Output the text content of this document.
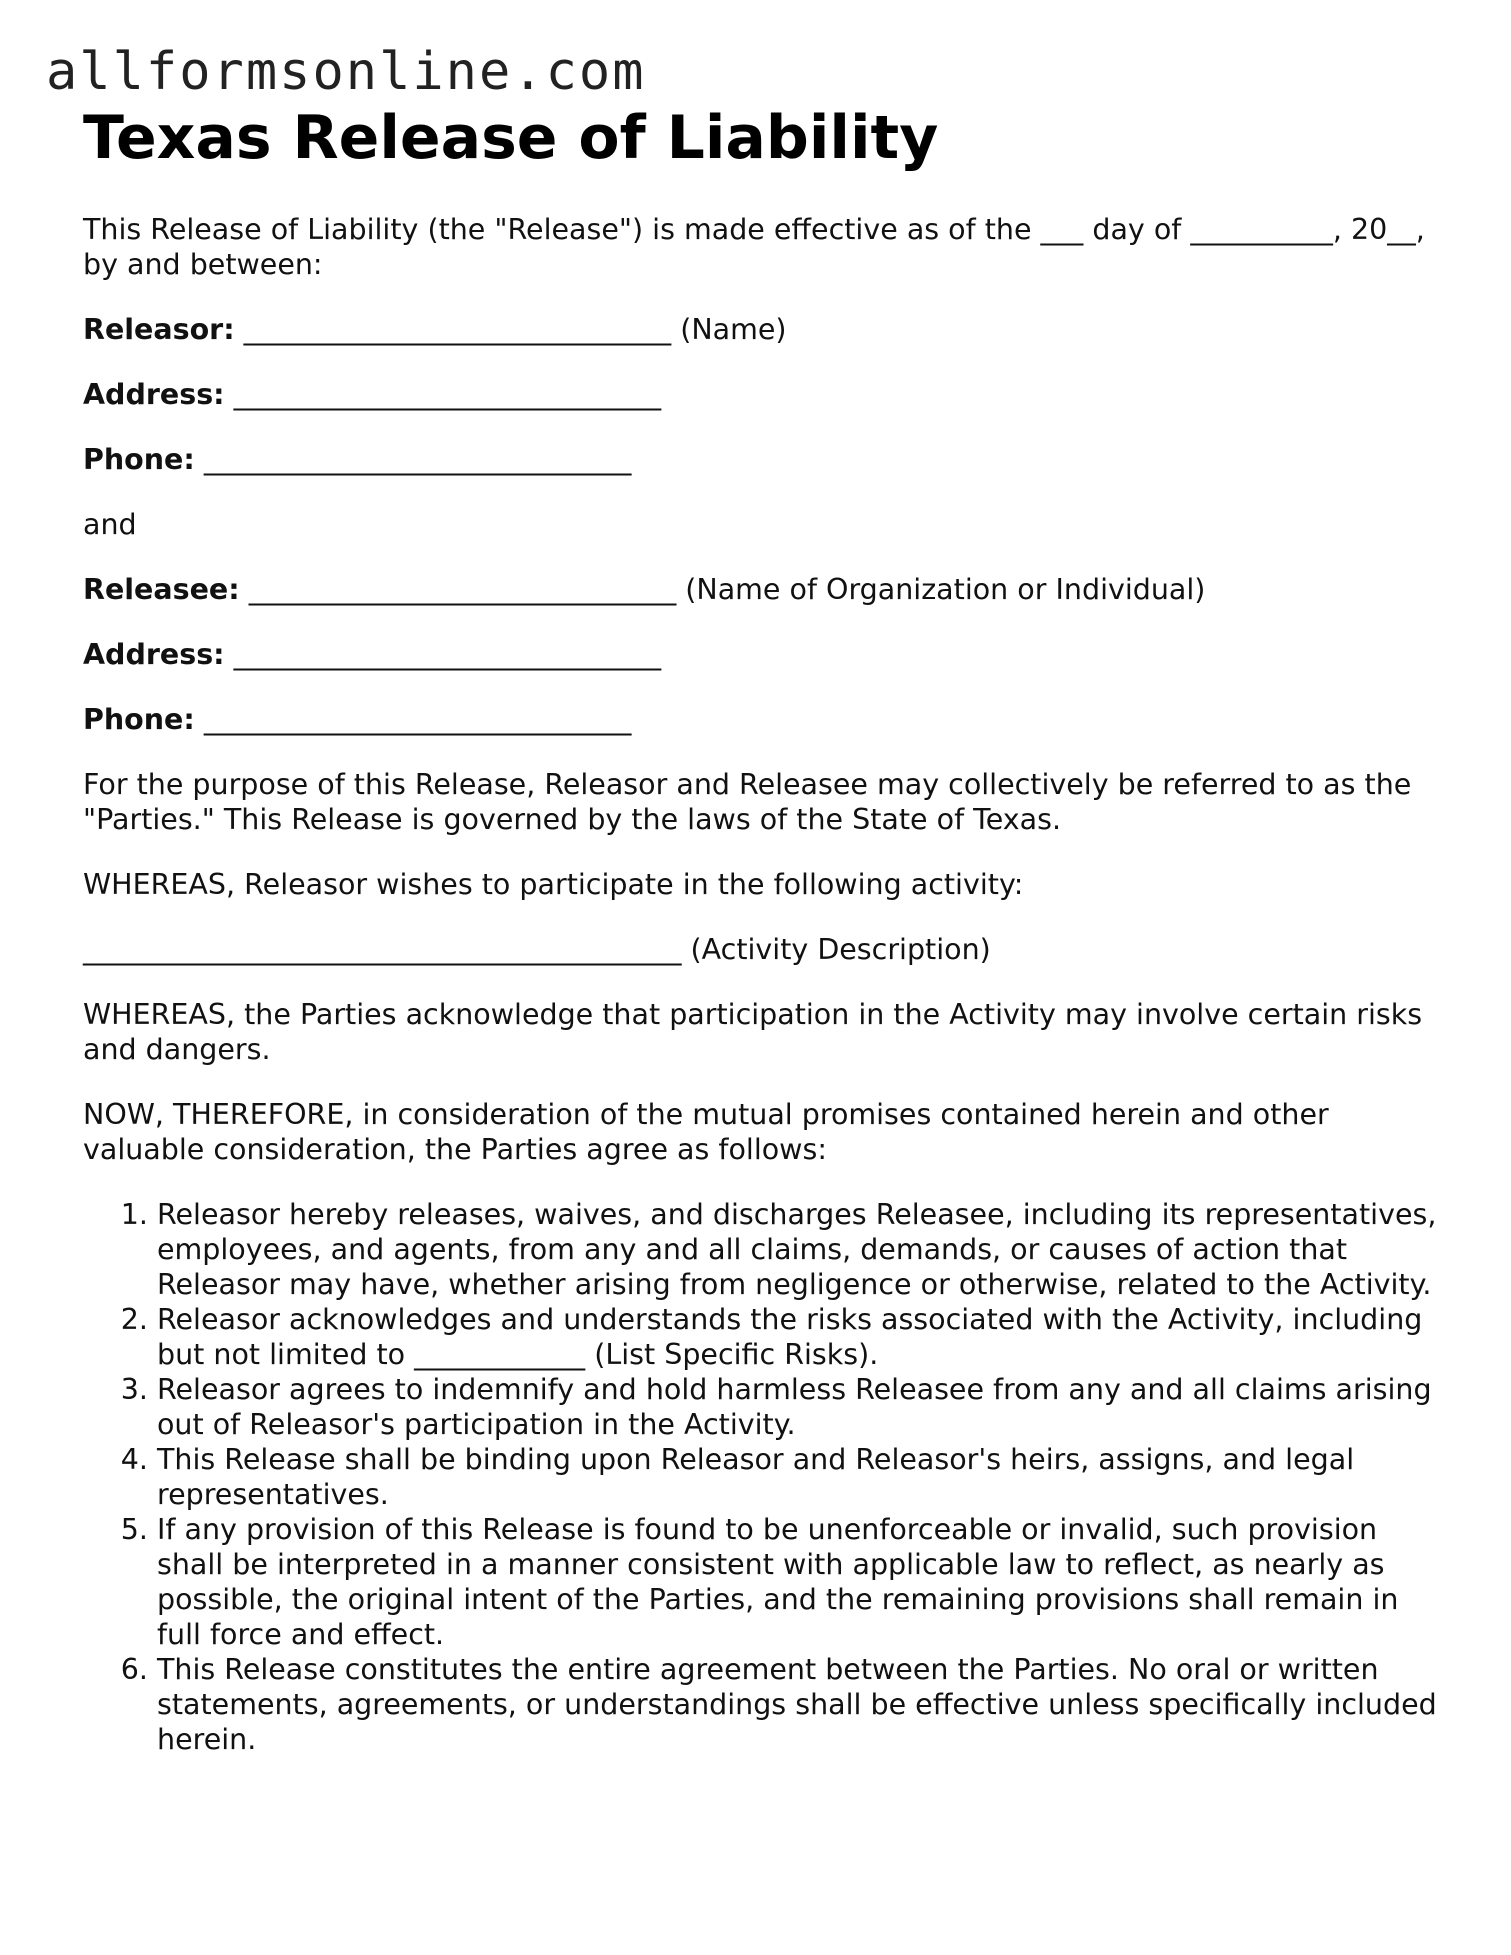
allformsonline.com
Texas Release of Liability

This Release of Liability (the "Release") is made effective as of the ___ day of __________, 20__, by and between:

Releasor: ______________________________ (Name)

Address: ______________________________

Phone: ______________________________

and

Releasee: ______________________________ (Name of Organization or Individual)

Address: ______________________________

Phone: ______________________________

For the purpose of this Release, Releasor and Releasee may collectively be referred to as the "Parties." This Release is governed by the laws of the State of Texas.

WHEREAS, Releasor wishes to participate in the following activity:

__________________________________________ (Activity Description)

WHEREAS, the Parties acknowledge that participation in the Activity may involve certain risks and dangers.

NOW, THEREFORE, in consideration of the mutual promises contained herein and other valuable consideration, the Parties agree as follows:

1. Releasor hereby releases, waives, and discharges Releasee, including its representatives, employees, and agents, from any and all claims, demands, or causes of action that Releasor may have, whether arising from negligence or otherwise, related to the Activity.
2. Releasor acknowledges and understands the risks associated with the Activity, including but not limited to ____________ (List Specific Risks).
3. Releasor agrees to indemnify and hold harmless Releasee from any and all claims arising out of Releasor's participation in the Activity.
4. This Release shall be binding upon Releasor and Releasor's heirs, assigns, and legal representatives.
5. If any provision of this Release is found to be unenforceable or invalid, such provision shall be interpreted in a manner consistent with applicable law to reflect, as nearly as possible, the original intent of the Parties, and the remaining provisions shall remain in full force and effect.
6. This Release constitutes the entire agreement between the Parties. No oral or written statements, agreements, or understandings shall be effective unless specifically included herein.
